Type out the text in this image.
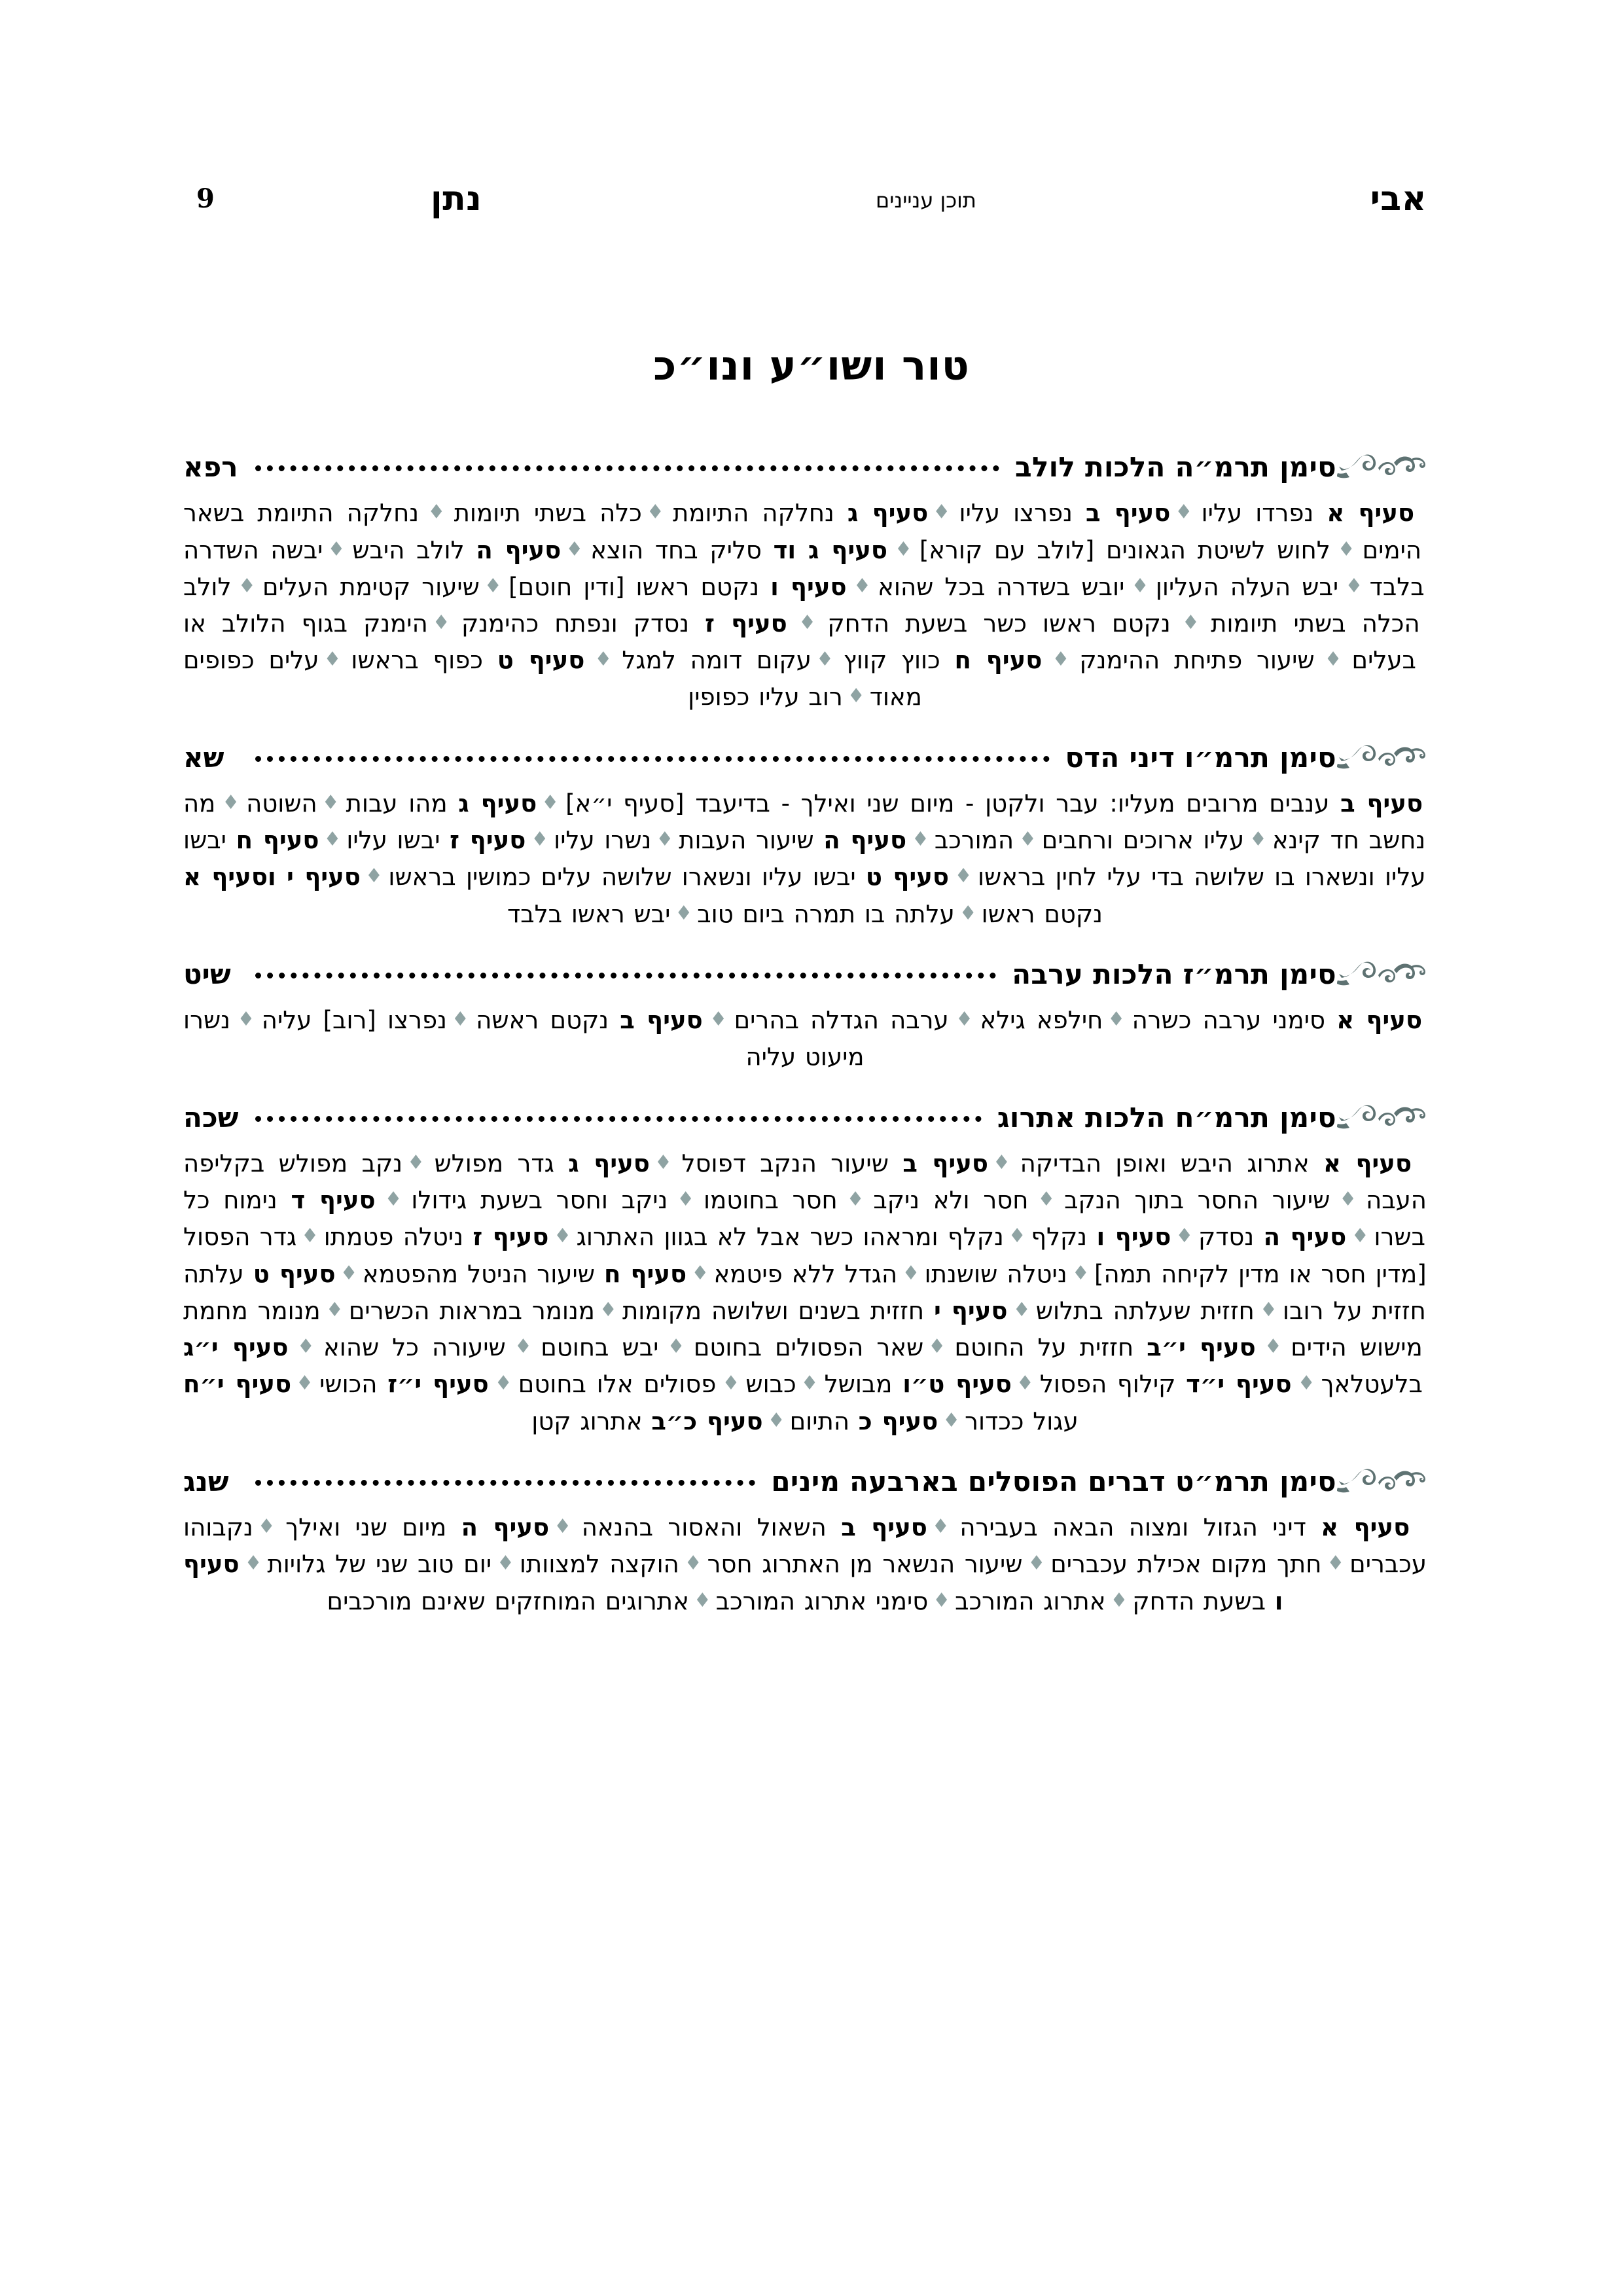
אבי
תוכן עניינים
נתן
9
טור ושו״ע ונו״כ
סימן תרמ״ה הלכות לולב
רפא

סעיף א נפרדו עליו♦סעיף ב נפרצו עליו♦סעיף ג נחלקה התיומת♦כלה בשתי תיומות♦נחלקה התיומת בשאר הימים♦לחוש לשיטת הגאונים [לולב עם קורא]♦סעיף ג וד סליק בחד הוצא♦סעיף ה לולב היבש♦יבשה השדרה בלבד♦יבש העלה העליון♦יובש בשדרה בכל שהוא♦סעיף ו נקטם ראשו [ודין חוטם]♦שיעור קטימת העלים♦לולב הכלה בשתי תיומות♦נקטם ראשו כשר בשעת הדחק♦סעיף ז נסדק ונפתח כהימנק♦הימנק בגוף הלולב או בעלים♦שיעור פתיחת ההימנק♦סעיף ח כווץ קווץ♦עקום דומה למגל♦סעיף ט כפוף בראשו♦עלים כפופים מאוד♦רוב עליו כפופין

סימן תרמ״ו דיני הדס
שא

סעיף ב ענבים מרובים מעליו: עבר ולקטן - מיום שני ואילך - בדיעבד [סעיף י״א]♦סעיף ג מהו עבות♦השוטה♦מה נחשב חד קינא♦עליו ארוכים ורחבים♦המורכב♦סעיף ה שיעור העבות♦נשרו עליו♦סעיף ז יבשו עליו♦סעיף ח יבשו עליו ונשארו בו שלושה בדי עלי לחין בראשו♦סעיף ט יבשו עליו ונשארו שלושה עלים כמושין בראשו♦סעיף י וסעיף א נקטם ראשו♦עלתה בו תמרה ביום טוב♦יבש ראשו בלבד

סימן תרמ״ז הלכות ערבה
שיט

סעיף א סימני ערבה כשרה♦חילפא גילא♦ערבה הגדלה בהרים♦סעיף ב נקטם ראשה♦נפרצו [רוב] עליה♦נשרו מיעוט עליה

סימן תרמ״ח הלכות אתרוג
שכה

סעיף א אתרוג היבש ואופן הבדיקה♦סעיף ב שיעור הנקב דפוסל♦סעיף ג גדר מפולש♦נקב מפולש בקליפה העבה♦שיעור החסר בתוך הנקב♦חסר ולא ניקב♦חסר בחוטמו♦ניקב וחסר בשעת גידולו♦סעיף ד נימוח כל בשרו♦סעיף ה נסדק♦סעיף ו נקלף♦נקלף ומראהו כשר אבל לא בגוון האתרוג♦סעיף ז ניטלה פטמתו♦גדר הפסול [מדין חסר או מדין לקיחה תמה]♦ניטלה שושנתו♦הגדל ללא פיטמא♦סעיף ח שיעור הניטל מהפטמא♦סעיף ט עלתה חזזית על רובו♦חזזית שעלתה בתלוש♦סעיף י חזזית בשנים ושלושה מקומות♦מנומר במראות הכשרים♦מנומר מחמת מישוש הידים♦סעיף י״ב חזזית על החוטם♦שאר הפסולים בחוטם♦יבש בחוטם♦שיעורה כל שהוא♦סעיף י״ג בלעטלאך♦סעיף י״ד קילוף הפסול♦סעיף ט״ו מבושל♦כבוש♦פסולים אלו בחוטם♦סעיף י״ז הכושי♦סעיף י״ח עגול ככדור♦סעיף כ התיום♦סעיף כ״ב אתרוג קטן

סימן תרמ״ט דברים הפוסלים בארבעה מינים
שנג

סעיף א דיני הגזול ומצוה הבאה בעבירה♦סעיף ב השאול והאסור בהנאה♦סעיף ה מיום שני ואילך♦נקבוהו עכברים♦חתך מקום אכילת עכברים♦שיעור הנשאר מן האתרוג חסר♦הוקצה למצוותו♦יום טוב שני של גלויות♦סעיף ו בשעת הדחק♦אתרוג המורכב♦סימני אתרוג המורכב♦אתרוגים המוחזקים שאינם מורכבים
